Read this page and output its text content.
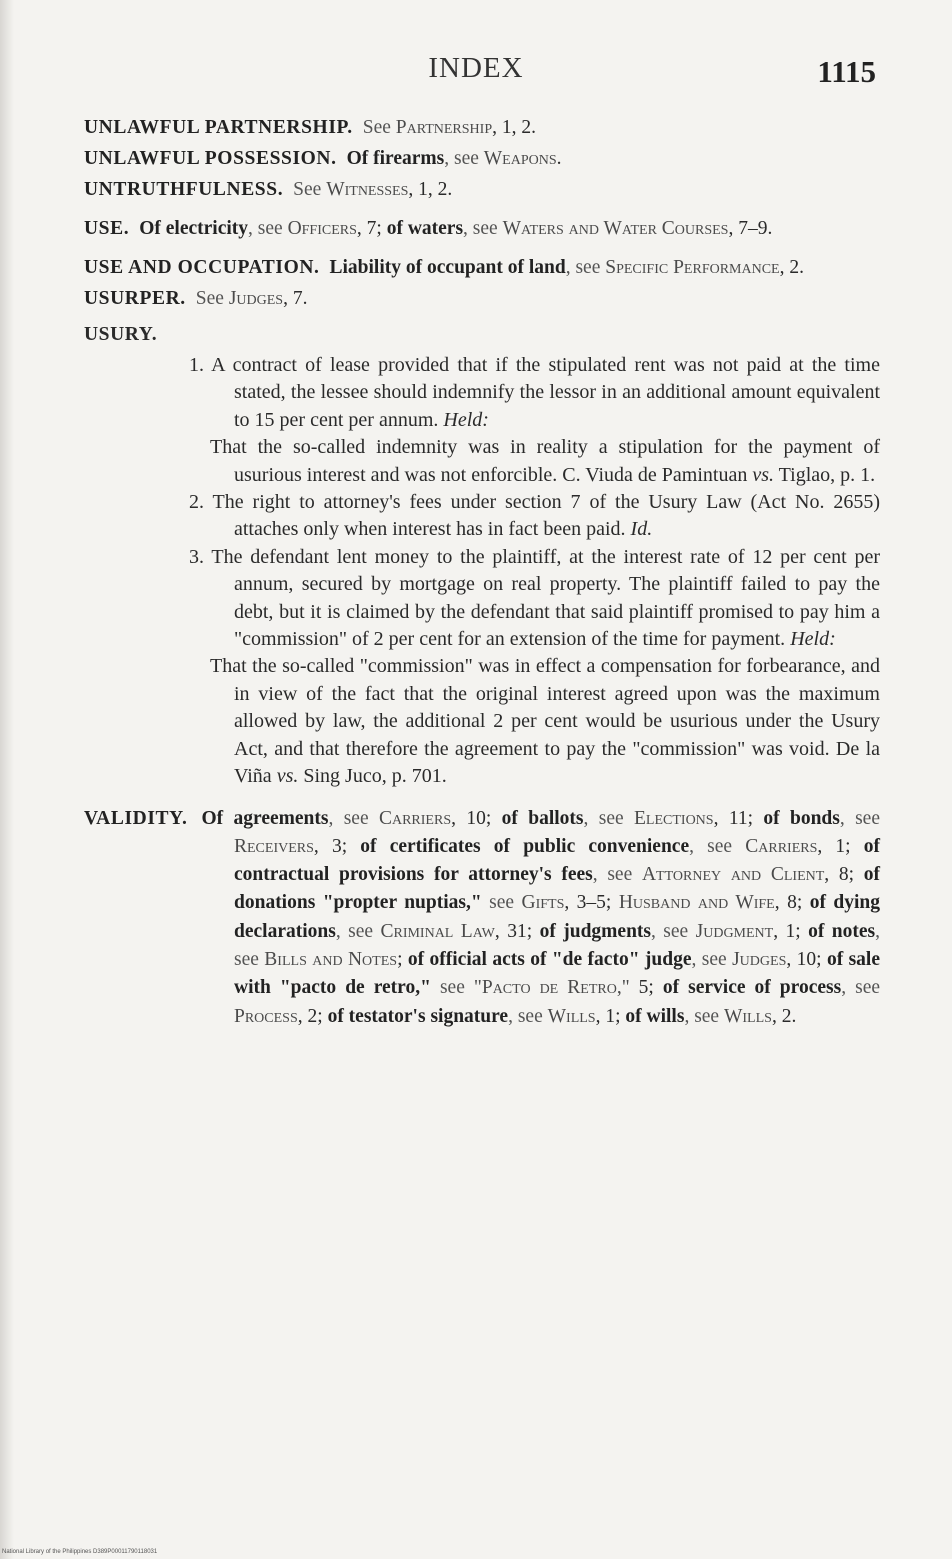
INDEX	1115
UNLAWFUL PARTNERSHIP. See Partnership, 1, 2.
UNLAWFUL POSSESSION. Of firearms, see Weapons.
UNTRUTHFULNESS. See Witnesses, 1, 2.
USE. Of electricity, see Officers, 7; of waters, see Waters and Water Courses, 7–9.
USE AND OCCUPATION. Liability of occupant of land, see Specific Performance, 2.
USURPER. See Judges, 7.
USURY.

1. A contract of lease provided that if the stipulated rent was not paid at the time stated, the lessee should indemnify the lessor in an additional amount equivalent to 15 per cent per annum. Held:

That the so-called indemnity was in reality a stipulation for the payment of usurious interest and was not enforcible. C. Viuda de Pamintuan vs. Tiglao, p. 1.

2. The right to attorney's fees under section 7 of the Usury Law (Act No. 2655) attaches only when interest has in fact been paid. Id.

3. The defendant lent money to the plaintiff, at the interest rate of 12 per cent per annum, secured by mortgage on real property. The plaintiff failed to pay the debt, but it is claimed by the defendant that said plaintiff promised to pay him a "commission" of 2 per cent for an extension of the time for payment. Held:

That the so-called "commission" was in effect a compensation for forbearance, and in view of the fact that the original interest agreed upon was the maximum allowed by law, the additional 2 per cent would be usurious under the Usury Act, and that therefore the agreement to pay the "commission" was void. De la Viña vs. Sing Juco, p. 701.

VALIDITY. Of agreements, see Carriers, 10; of ballots, see Elections, 11; of bonds, see Receivers, 3; of certificates of public convenience, see Carriers, 1; of contractual provisions for attorney's fees, see Attorney and Client, 8; of donations "propter nuptias," see Gifts, 3–5; Husband and Wife, 8; of dying declarations, see Criminal Law, 31; of judgments, see Judgment, 1; of notes, see Bills and Notes; of official acts of "de facto" judge, see Judges, 10; of sale with "pacto de retro," see "Pacto de Retro," 5; of service of process, see Process, 2; of testator's signature, see Wills, 1; of wills, see Wills, 2.
National Library of the Philippines D389P00011790118031
